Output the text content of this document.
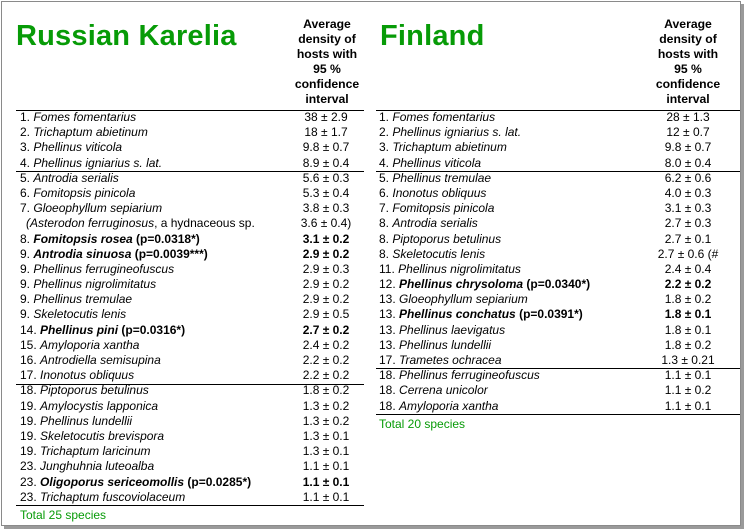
Russian Karelia	Average
density of
hosts with
95 %
confidence
interval
1. Fomes fomentarius	38 ± 2.9
2. Trichaptum abietinum	18 ± 1.7
3. Phellinus viticola	9.8 ± 0.7
4. Phellinus igniarius s. lat.	8.9 ± 0.4
5. Antrodia serialis	5.6 ± 0.3
6. Fomitopsis pinicola	5.3 ± 0.4
7. Gloeophyllum sepiarium	3.8 ± 0.3
(Asterodon ferruginosus, a hydnaceous sp.	3.6 ± 0.4)
8. Fomitopsis rosea (p=0.0318*)	3.1 ± 0.2
9. Antrodia sinuosa (p=0.0039***)	2.9 ± 0.2
9. Phellinus ferrugineofuscus	2.9 ± 0.3
9. Phellinus nigrolimitatus	2.9 ± 0.2
9. Phellinus tremulae	2.9 ± 0.2
9. Skeletocutis lenis	2.9 ± 0.5
14. Phellinus pini (p=0.0316*)	2.7 ± 0.2
15. Amyloporia xantha	2.4 ± 0.2
16. Antrodiella semisupina	2.2 ± 0.2
17. Inonotus obliquus	2.2 ± 0.2
18. Piptoporus betulinus	1.8 ± 0.2
19. Amylocystis lapponica	1.3 ± 0.2
19. Phellinus lundellii	1.3 ± 0.2
19. Skeletocutis brevispora	1.3 ± 0.1
19. Trichaptum laricinum	1.3 ± 0.1
23. Junghuhnia luteoalba	1.1 ± 0.1
23. Oligoporus sericeomollis (p=0.0285*)	1.1 ± 0.1
23. Trichaptum fuscoviolaceum	1.1 ± 0.1
Total 25 species
Finland	Average
density of
hosts with
95 %
confidence
interval
1. Fomes fomentarius	28 ± 1.3
2. Phellinus igniarius s. lat.	12 ± 0.7
3. Trichaptum abietinum	9.8 ± 0.7
4. Phellinus viticola	8.0 ± 0.4
5. Phellinus tremulae	6.2 ± 0.6
6. Inonotus obliquus	4.0 ± 0.3
7. Fomitopsis pinicola	3.1 ± 0.3
8. Antrodia serialis	2.7 ± 0.3
8. Piptoporus betulinus	2.7 ± 0.1
8. Skeletocutis lenis	2.7 ± 0.6 (#
11. Phellinus nigrolimitatus	2.4 ± 0.4
12. Phellinus chrysoloma (p=0.0340*)	2.2 ± 0.2
13. Gloeophyllum sepiarium	1.8 ± 0.2
13. Phellinus conchatus (p=0.0391*)	1.8 ± 0.1
13. Phellinus laevigatus	1.8 ± 0.1
13. Phellinus lundellii	1.8 ± 0.2
17. Trametes ochracea	1.3 ± 0.21
18. Phellinus ferrugineofuscus	1.1 ± 0.1
18. Cerrena unicolor	1.1 ± 0.2
18. Amyloporia xantha	1.1 ± 0.1
Total 20 species
